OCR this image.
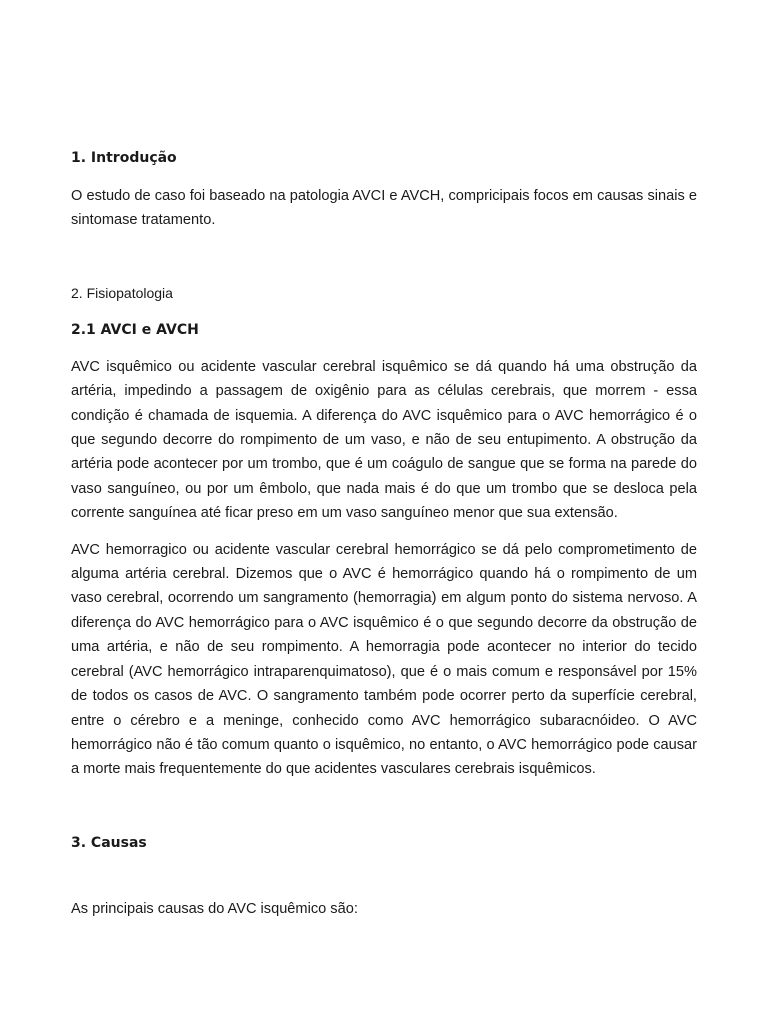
1. Introdução

O estudo de caso foi baseado na patologia AVCI e AVCH, compricipais focos em causas sinais e sintomase tratamento.

2. Fisiopatologia

2.1 AVCI e AVCH

AVC isquêmico ou acidente vascular cerebral isquêmico se dá quando há uma obstrução da artéria, impedindo a passagem de oxigênio para as células cerebrais, que morrem - essa condição é chamada de isquemia. A diferença do AVC isquêmico para o AVC hemorrágico é o que segundo decorre do rompimento de um vaso, e não de seu entupimento. A obstrução da artéria pode acontecer por um trombo, que é um coágulo de sangue que se forma na parede do vaso sanguíneo, ou por um êmbolo, que nada mais é do que um trombo que se desloca pela corrente sanguínea até ficar preso em um vaso sanguíneo menor que sua extensão.

AVC hemorragico ou acidente vascular cerebral hemorrágico se dá pelo comprometimento de alguma artéria cerebral. Dizemos que o AVC é hemorrágico quando há o rompimento de um vaso cerebral, ocorrendo um sangramento (hemorragia) em algum ponto do sistema nervoso. A diferença do AVC hemorrágico para o AVC isquêmico é o que segundo decorre da obstrução de uma artéria, e não de seu rompimento. A hemorragia pode acontecer no interior do tecido cerebral (AVC hemorrágico intraparenquimatoso), que é o mais comum e responsável por 15% de todos os casos de AVC. O sangramento também pode ocorrer perto da superfície cerebral, entre o cérebro e a meninge, conhecido como AVC hemorrágico subaracnóideo. O AVC hemorrágico não é tão comum quanto o isquêmico, no entanto, o AVC hemorrágico pode causar a morte mais frequentemente do que acidentes vasculares cerebrais isquêmicos.

3. Causas

As principais causas do AVC isquêmico são:
